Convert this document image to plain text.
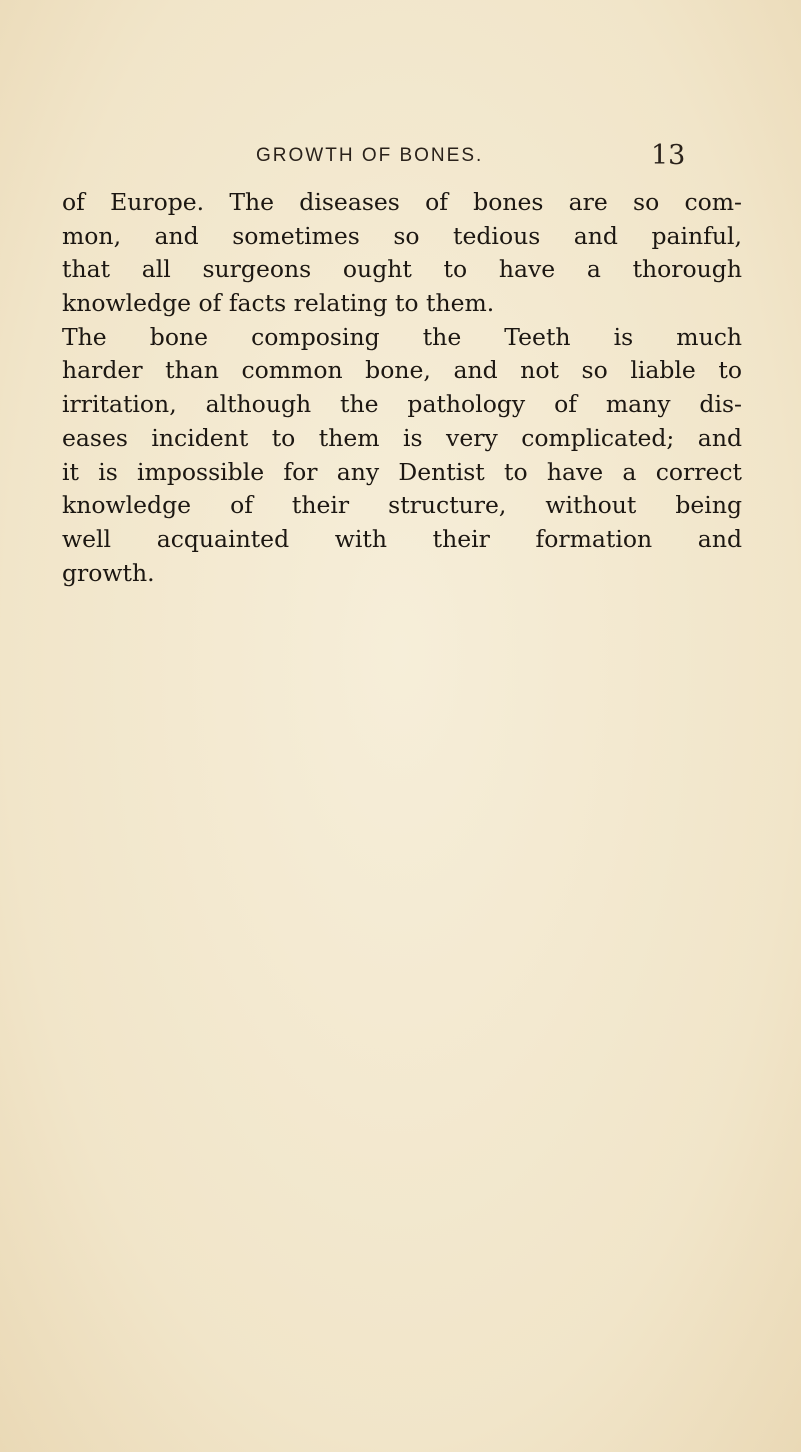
GROWTH OF BONES.	13
of Europe. The diseases of bones are so com-
mon, and sometimes so tedious and painful,
that all surgeons ought to have a thorough
knowledge of facts relating to them.
The bone composing the Teeth is much
harder than common bone, and not so liable to
irritation, although the pathology of many dis-
eases incident to them is very complicated; and
it is impossible for any Dentist to have a correct
knowledge of their structure, without being
well acquainted with their formation and
growth.
